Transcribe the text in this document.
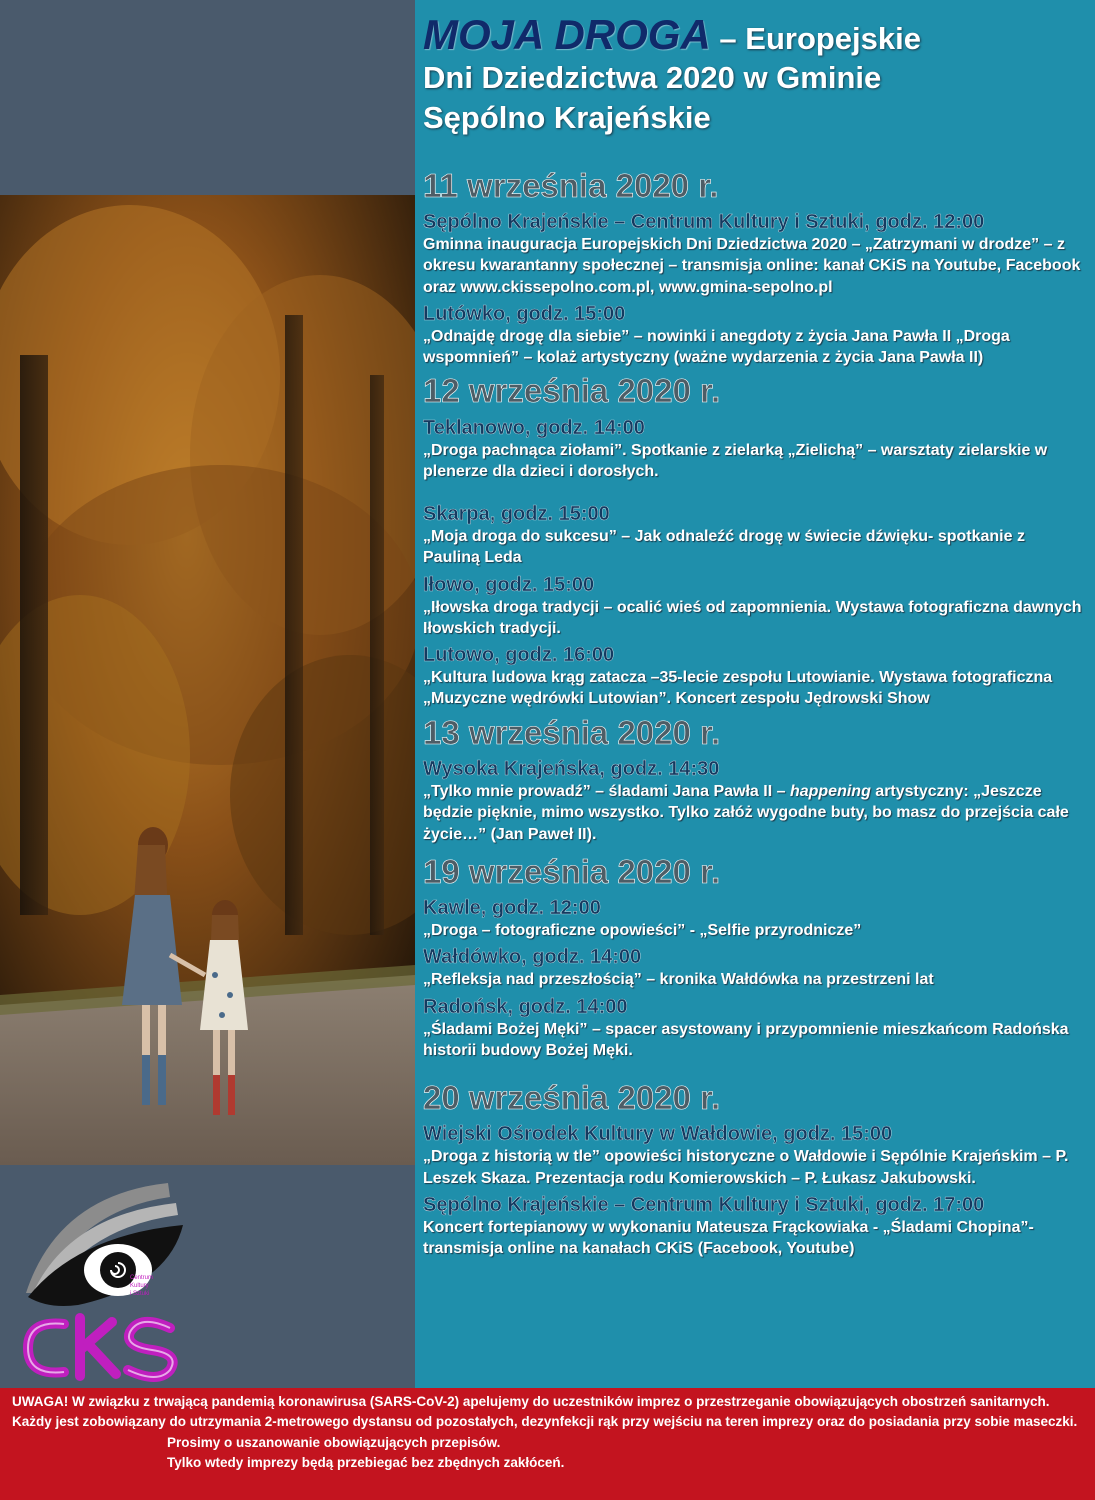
MOJA DROGA – Europejskie
Dni Dziedzictwa 2020 w Gminie
Sępólno Krajeńskie
11 września 2020 r.
Sępólno Krajeńskie – Centrum Kultury i Sztuki, godz. 12:00
Gminna inauguracja Europejskich Dni Dziedzictwa 2020 – „Zatrzymani w drodze” – z okresu kwarantanny społecznej – transmisja online: kanał CKiS na Youtube, Facebook oraz www.ckissepolno.com.pl, www.gmina-sepolno.pl
Lutówko, godz. 15:00
„Odnajdę drogę dla siebie” – nowinki i anegdoty z życia Jana Pawła II „Droga wspomnień” – kolaż artystyczny (ważne wydarzenia z życia Jana Pawła II)
12 września 2020 r.
Teklanowo, godz. 14:00
„Droga pachnąca ziołami”. Spotkanie z zielarką „Zielichą” – warsztaty zielarskie w plenerze dla dzieci i dorosłych.
Skarpa, godz. 15:00
„Moja droga do sukcesu” – Jak odnaleźć drogę w świecie dźwięku- spotkanie z Pauliną Leda
Iłowo, godz. 15:00
„Iłowska droga tradycji – ocalić wieś od zapomnienia. Wystawa fotograficzna dawnych Iłowskich tradycji.
Lutowo, godz. 16:00
„Kultura ludowa krąg zatacza –35-lecie zespołu Lutowianie. Wystawa fotograficzna „Muzyczne wędrówki Lutowian”. Koncert zespołu Jędrowski Show
13 września 2020 r.
Wysoka Krajeńska, godz. 14:30
„Tylko mnie prowadź” – śladami Jana Pawła II – happening artystyczny: „Jeszcze będzie pięknie, mimo wszystko. Tylko załóż wygodne buty, bo masz do przejścia całe życie…” (Jan Paweł II).
19 września 2020 r.
Kawle, godz. 12:00
„Droga – fotograficzne opowieści” - „Selfie przyrodnicze”
Wałdówko, godz. 14:00
„Refleksja nad przeszłością” – kronika Wałdówka na przestrzeni lat
Radońsk, godz. 14:00
„Śladami Bożej Męki” – spacer asystowany i przypomnienie mieszkańcom Radońska historii budowy Bożej Męki.
20 września 2020 r.
Wiejski Ośrodek Kultury w Wałdowie, godz. 15:00
„Droga z historią w tle” opowieści historyczne o Wałdowie i Sępólnie Krajeńskim – P. Leszek Skaza. Prezentacja rodu Komierowskich – P. Łukasz Jakubowski.
Sępólno Krajeńskie – Centrum Kultury i Sztuki, godz. 17:00
Koncert fortepianowy w wykonaniu Mateusza Frąckowiaka - „Śladami Chopina”- transmisja online na kanałach CKiS (Facebook, Youtube)
Centrum
Kultury
i Sztuki
UWAGA! W związku z trwającą pandemią koronawirusa (SARS-CoV-2) apelujemy do uczestników imprez o przestrzeganie obowiązujących obostrzeń sanitarnych. Każdy jest zobowiązany do utrzymania 2-metrowego dystansu od pozostałych, dezynfekcji rąk przy wejściu na teren imprezy oraz do posiadania przy sobie maseczki.
Prosimy o uszanowanie obowiązujących przepisów.
Tylko wtedy imprezy będą przebiegać bez zbędnych zakłóceń.
